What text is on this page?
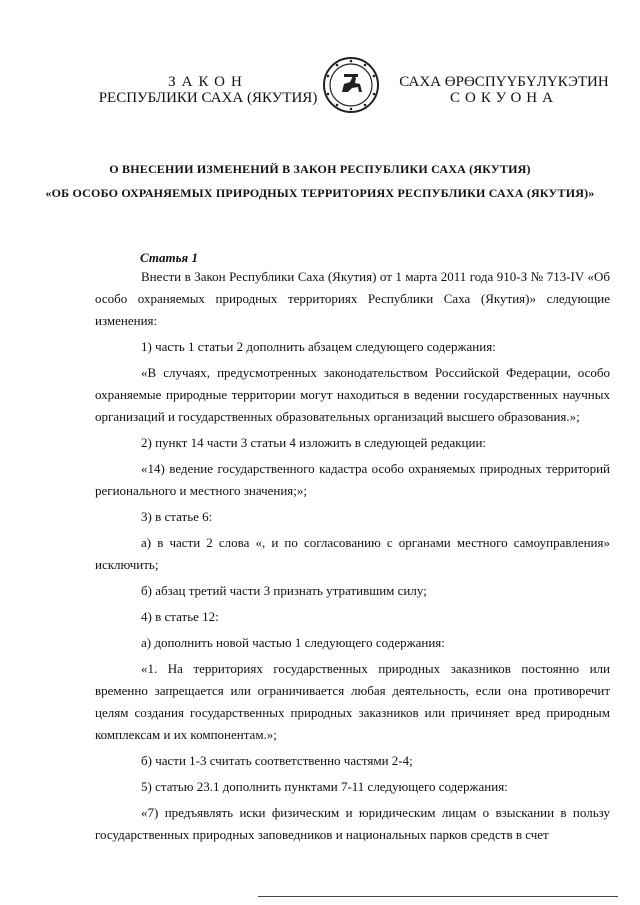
ЗАКОН
РЕСПУБЛИКИ САХА (ЯКУТИЯ)
САХА ӨРӨСПҮҮБҮЛҮКЭТИН
СОКУОНА
О ВНЕСЕНИИ ИЗМЕНЕНИЙ В ЗАКОН РЕСПУБЛИКИ САХА (ЯКУТИЯ)
«ОБ ОСОБО ОХРАНЯЕМЫХ ПРИРОДНЫХ ТЕРРИТОРИЯХ РЕСПУБЛИКИ САХА (ЯКУТИЯ)»
Статья 1

Внести в Закон Республики Саха (Якутия) от 1 марта 2011 года 910-З № 713-IV «Об особо охраняемых природных территориях Республики Саха (Якутия)» следующие изменения:

1) часть 1 статьи 2 дополнить абзацем следующего содержания:

«В случаях, предусмотренных законодательством Российской Федерации, особо охраняемые природные территории могут находиться в ведении государственных научных организаций и государственных образовательных организаций высшего образования.»;

2) пункт 14 части 3 статьи 4 изложить в следующей редакции:

«14) ведение государственного кадастра особо охраняемых природных территорий регионального и местного значения;»;

3) в статье 6:

а) в части 2 слова «, и по согласованию с органами местного самоуправления» исключить;

б) абзац третий части 3 признать утратившим силу;

4) в статье 12:

а) дополнить новой частью 1 следующего содержания:

«1. На территориях государственных природных заказников постоянно или временно запрещается или ограничивается любая деятельность, если она противоречит целям создания государственных природных заказников или причиняет вред природным комплексам и их компонентам.»;

б) части 1-3 считать соответственно частями 2-4;

5) статью 23.1 дополнить пунктами 7-11 следующего содержания:

«7) предъявлять иски физическим и юридическим лицам о взыскании в пользу государственных природных заповедников и национальных парков средств в счет
